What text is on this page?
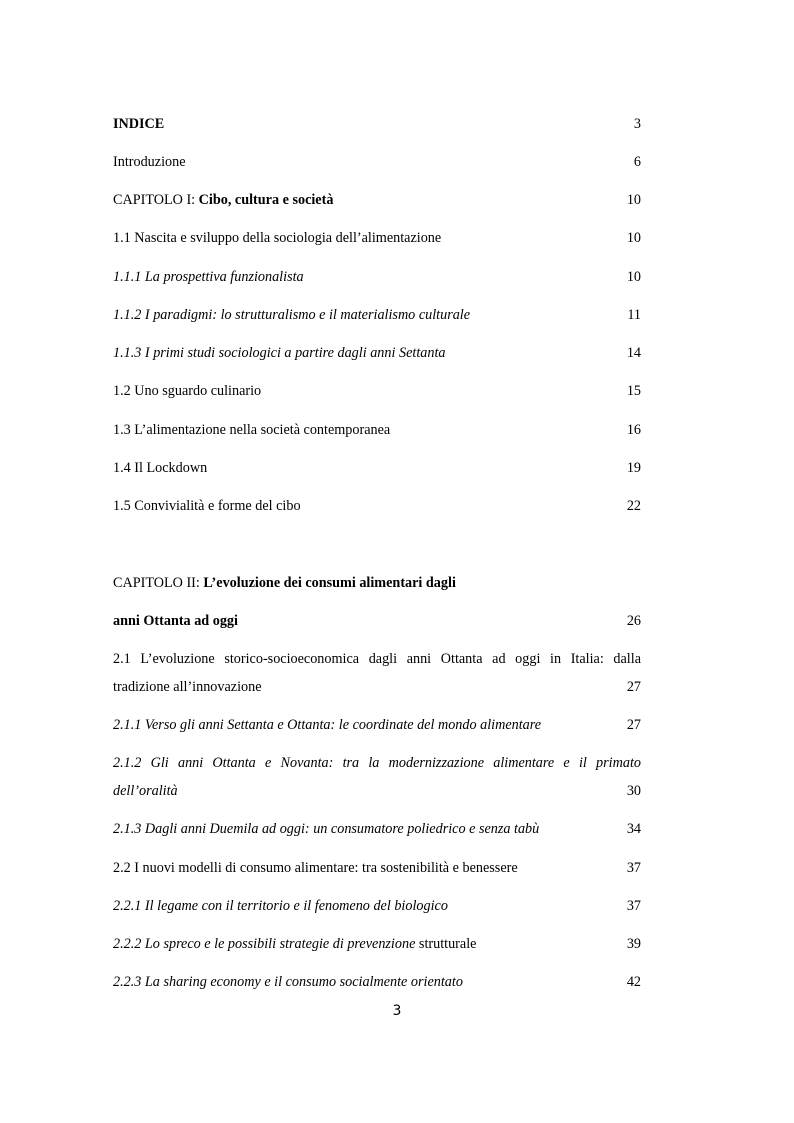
INDICE	3
Introduzione	6
CAPITOLO I: Cibo, cultura e società	10
1.1 Nascita e sviluppo della sociologia dell’alimentazione	10
1.1.1 La prospettiva funzionalista	10
1.1.2 I paradigmi: lo strutturalismo e il materialismo culturale	11
1.1.3 I primi studi sociologici a partire dagli anni Settanta	14
1.2 Uno sguardo culinario	15
1.3 L’alimentazione nella società contemporanea	16
1.4 Il Lockdown	19
1.5 Convivialità e forme del cibo	22
CAPITOLO II: L’evoluzione dei consumi alimentari dagli
anni Ottanta ad oggi	26
2.1 L’evoluzione storico-socioeconomica dagli anni Ottanta ad oggi in Italia: dalla
tradizione all’innovazione	27
2.1.1 Verso gli anni Settanta e Ottanta: le coordinate del mondo alimentare	27
2.1.2 Gli anni Ottanta e Novanta: tra la modernizzazione alimentare e il primato
dell’oralità	30
2.1.3 Dagli anni Duemila ad oggi: un consumatore poliedrico e senza tabù	34
2.2 I nuovi modelli di consumo alimentare: tra sostenibilità e benessere	37
2.2.1 Il legame con il territorio e il fenomeno del biologico	37
2.2.2 Lo spreco e le possibili strategie di prevenzione strutturale	39
2.2.3 La sharing economy e il consumo socialmente orientato	42
3
